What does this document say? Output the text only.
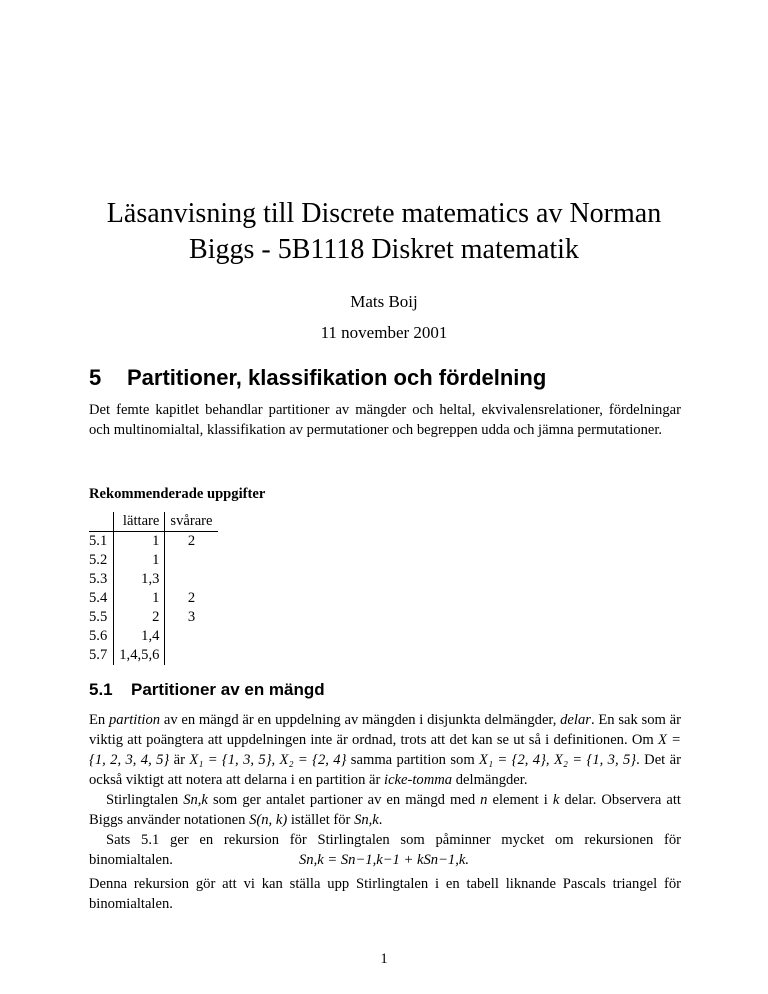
Läsanvisning till Discrete matematics av Norman Biggs - 5B1118 Diskret matematik
Mats Boij
11 november 2001
5 Partitioner, klassifikation och fördelning
Det femte kapitlet behandlar partitioner av mängder och heltal, ekvivalensrelationer, fördelningar och multinomialtal, klassifikation av permutationer och begreppen udda och jämna permutationer.
Rekommenderade uppgifter
	lättare	svårare
5.1	1	2
5.2	1	
5.3	1,3	
5.4	1	2
5.5	2	3
5.6	1,4	
5.7	1,4,5,6	
5.1 Partitioner av en mängd
En partition av en mängd är en uppdelning av mängden i disjunkta delmängder, delar. En sak som är viktig att poängtera att uppdelningen inte är ordnad, trots att det kan se ut så i definitionen. Om X = {1, 2, 3, 4, 5} är X₁ = {1, 3, 5}, X₂ = {2, 4} samma partition som X₁ = {2, 4}, X₂ = {1, 3, 5}. Det är också viktigt att notera att delarna i en partition är icke-tomma delmängder.
Stirlingtalen Sn,k som ger antalet partioner av en mängd med n element i k delar. Observera att Biggs använder notationen S(n, k) istället för Sn,k.
Sats 5.1 ger en rekursion för Stirlingtalen som påminner mycket om rekursionen för binomialtalen.	Sn,k = Sn−1,k−1 + kSn−1,k.
Denna rekursion gör att vi kan ställa upp Stirlingtalen i en tabell liknande Pascals triangel för binomialtalen.
1
